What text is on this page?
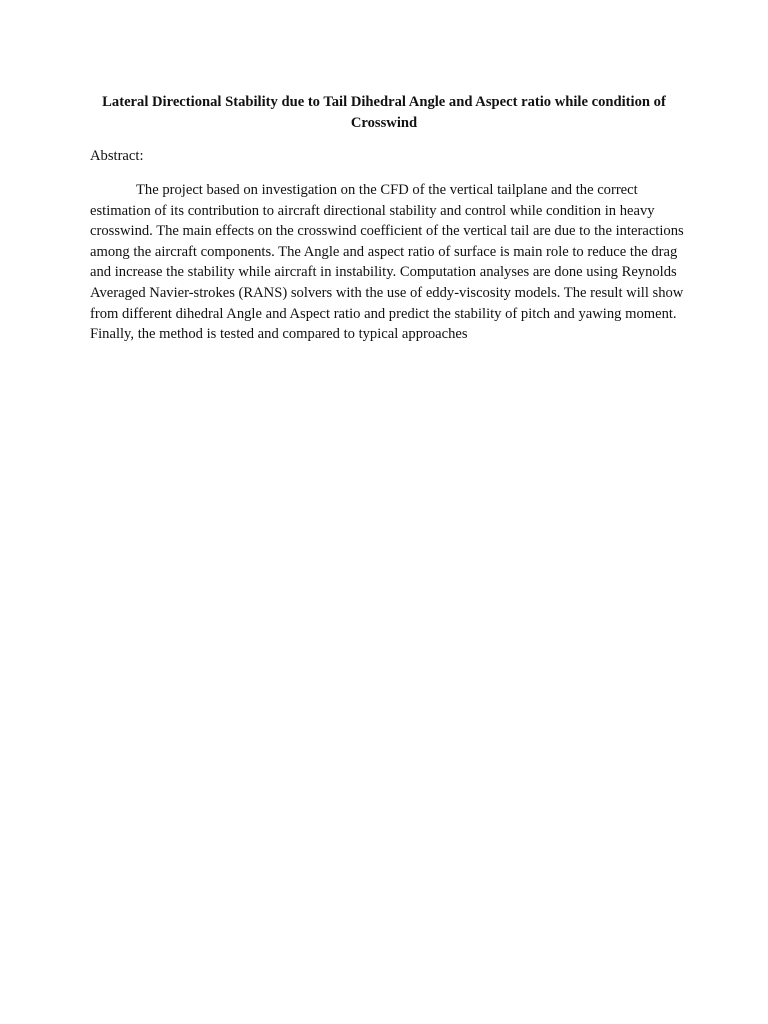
Lateral Directional Stability due to Tail Dihedral Angle and Aspect ratio while condition of Crosswind

Abstract:

The project based on investigation on the CFD of the vertical tailplane and the correct estimation of its contribution to aircraft directional stability and control while condition in heavy crosswind. The main effects on the crosswind coefficient of the vertical tail are due to the interactions among the aircraft components. The Angle and aspect ratio of surface is main role to reduce the drag and increase the stability while aircraft in instability. Computation analyses are done using Reynolds Averaged Navier-strokes (RANS) solvers with the use of eddy-viscosity models. The result will show from different dihedral Angle and Aspect ratio and predict the stability of pitch and yawing moment. Finally, the method is tested and compared to typical approaches
